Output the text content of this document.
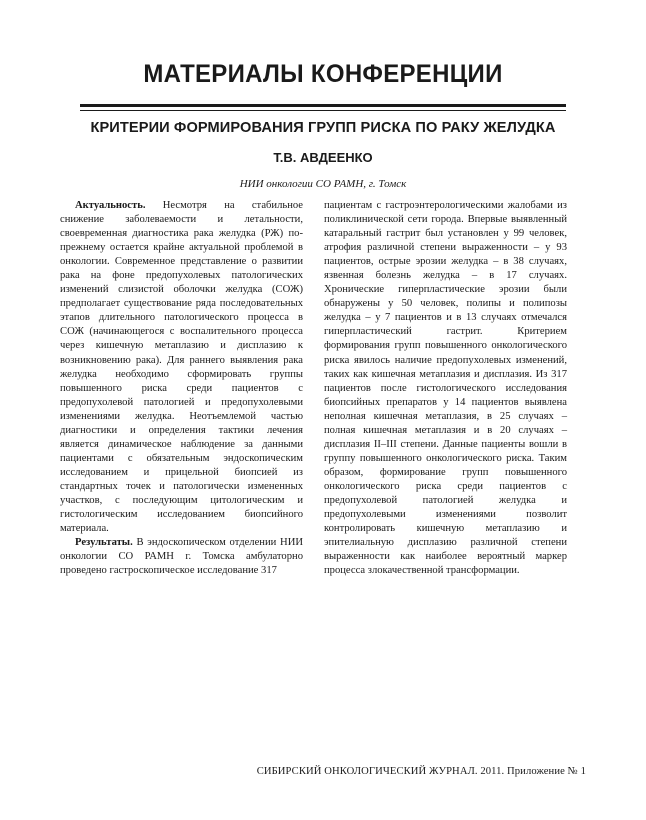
МАТЕРИАЛЫ КОНФЕРЕНЦИИ
КРИТЕРИИ ФОРМИРОВАНИЯ ГРУПП РИСКА ПО РАКУ ЖЕЛУДКА
Т.В. АВДЕЕНКО
НИИ онкологии СО РАМН, г. Томск

Актуальность. Несмотря на стабильное снижение заболеваемости и летальности, своевременная диагностика рака желудка (РЖ) по-прежнему остается крайне актуальной проблемой в онкологии. Современное представление о развитии рака на фоне предопухолевых патологических изменений слизистой оболочки желудка (СОЖ) предполагает существование ряда последовательных этапов длительного патологического процесса в СОЖ (начинающегося с воспалительного процесса через кишечную метаплазию и дисплазию к возникновению рака). Для раннего выявления рака желудка необходимо сформировать группы повышенного риска среди пациентов с предопухолевой патологией и предопухолевыми изменениями желудка. Неотъемлемой частью диагностики и определения тактики лечения является динамическое наблюдение за данными пациентами с обязательным эндоскопическим исследованием и прицельной биопсией из стандартных точек и патологически измененных участков, с последующим цитологическим и гистологическим исследованием биопсийного материала.

Результаты. В эндоскопическом отделении НИИ онкологии СО РАМН г. Томска амбулаторно проведено гастроскопическое исследование 317

пациентам с гастроэнтерологическими жалобами из поликлинической сети города. Впервые выявленный катаральный гастрит был установлен у 99 человек, атрофия различной степени выраженности – у 93 пациентов, острые эрозии желудка – в 38 случаях, язвенная болезнь желудка – в 17 случаях. Хронические гиперпластические эрозии были обнаружены у 50 человек, полипы и полипозы желудка – у 7 пациентов и в 13 случаях отмечался гиперпластический гастрит. Критерием формирования групп повышенного онкологического риска явилось наличие предопухолевых изменений, таких как кишечная метаплазия и дисплазия. Из 317 пациентов после гистологического исследования биопсийных препаратов у 14 пациентов выявлена неполная кишечная метаплазия, в 25 случаях – полная кишечная метаплазия и в 20 случаях – дисплазия II–III степени. Данные пациенты вошли в группу повышенного онкологического риска. Таким образом, формирование групп повышенного онкологического риска среди пациентов с предопухолевой патологией желудка и предопухолевыми изменениями позволит контролировать кишечную метаплазию и эпителиальную дисплазию различной степени выраженности как наиболее вероятный маркер процесса злокачественной трансформации.

СИБИРСКИЙ ОНКОЛОГИЧЕСКИЙ ЖУРНАЛ. 2011. Приложение № 1
